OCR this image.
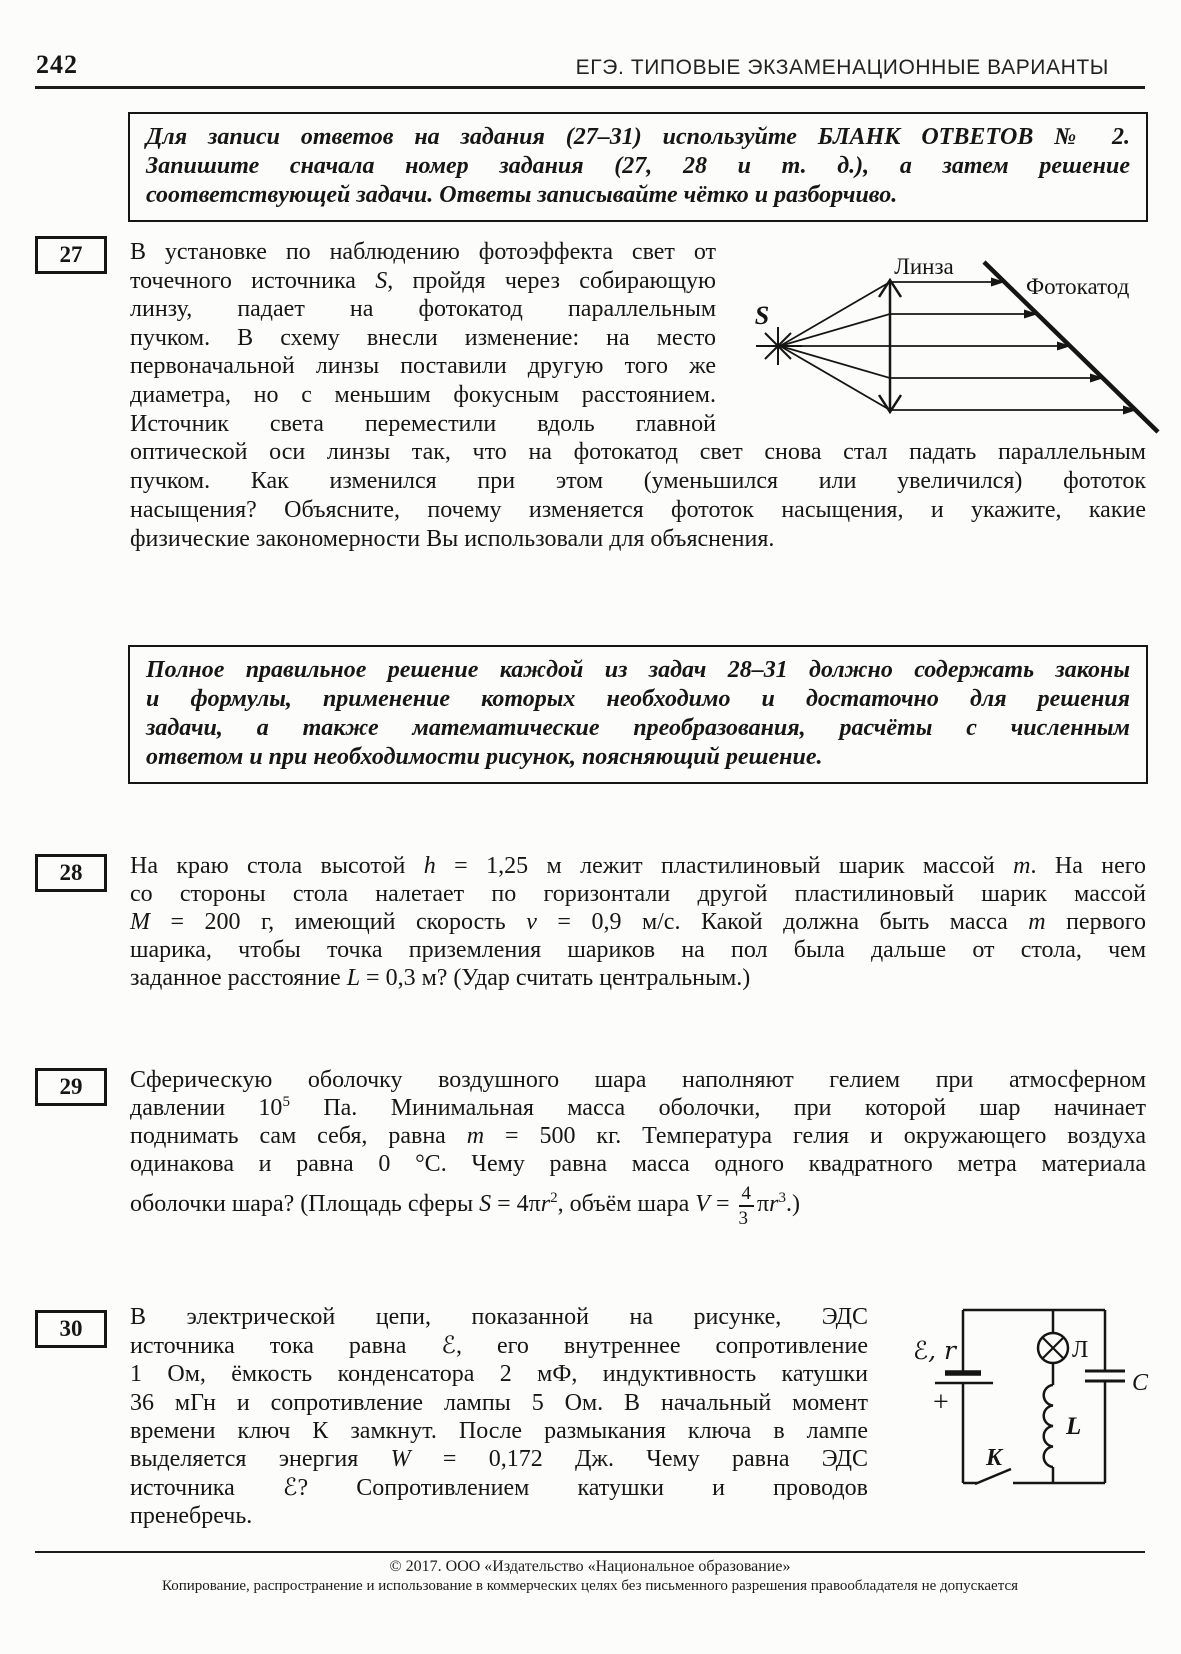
242	ЕГЭ. ТИПОВЫЕ ЭКЗАМЕНАЦИОННЫЕ ВАРИАНТЫ
Для записи ответов на задания (27–31) используйте БЛАНК ОТВЕТОВ № 2.
Запишите сначала номер задания (27, 28 и т. д.), а затем решение
соответствующей задачи. Ответы записывайте чётко и разборчиво.
27 В установке по наблюдению фотоэффекта свет от
точечного источника S, пройдя через собирающую
линзу, падает на фотокатод параллельным
пучком. В схему внесли изменение: на место
первоначальной линзы поставили другую того же
диаметра, но с меньшим фокусным расстоянием.
Источник света переместили вдоль главной
оптической оси линзы так, что на фотокатод свет снова стал падать параллельным
пучком. Как изменился при этом (уменьшился или увеличился) фототок
насыщения? Объясните, почему изменяется фототок насыщения, и укажите, какие
физические закономерности Вы использовали для объяснения.
S
Линза
Фотокатод
Полное правильное решение каждой из задач 28–31 должно содержать законы
и формулы, применение которых необходимо и достаточно для решения
задачи, а также математические преобразования, расчёты с численным
ответом и при необходимости рисунок, поясняющий решение.
28 На краю стола высотой h = 1,25 м лежит пластилиновый шарик массой m. На него
со стороны стола налетает по горизонтали другой пластилиновый шарик массой
M = 200 г, имеющий скорость v = 0,9 м/с. Какой должна быть масса m первого
шарика, чтобы точка приземления шариков на пол была дальше от стола, чем
заданное расстояние L = 0,3 м? (Удар считать центральным.)
29 Сферическую оболочку воздушного шара наполняют гелием при атмосферном
давлении $10^5$ Па. Минимальная масса оболочки, при которой шар начинает
поднимать сам себя, равна m = 500 кг. Температура гелия и окружающего воздуха
одинакова и равна 0 °С. Чему равна масса одного квадратного метра материала
оболочки шара? (Площадь сферы $S = 4\pi r^2$, объём шара $V = \frac{4}{3} \pi r^3$.)
30 В электрической цепи, показанной на рисунке, ЭДС
источника тока равна ℰ, его внутреннее сопротивление
1 Ом, ёмкость конденсатора 2 мФ, индуктивность катушки
36 мГн и сопротивление лампы 5 Ом. В начальный момент
времени ключ К замкнут. После размыкания ключа в лампе
выделяется энергия W = 0,172 Дж. Чему равна ЭДС
источника ℰ? Сопротивлением катушки и проводов
пренебречь.
ℰ, r
+
Л
L
C
K
© 2017. ООО «Издательство «Национальное образование»
Копирование, распространение и использование в коммерческих целях без письменного разрешения правообладателя не допускается
